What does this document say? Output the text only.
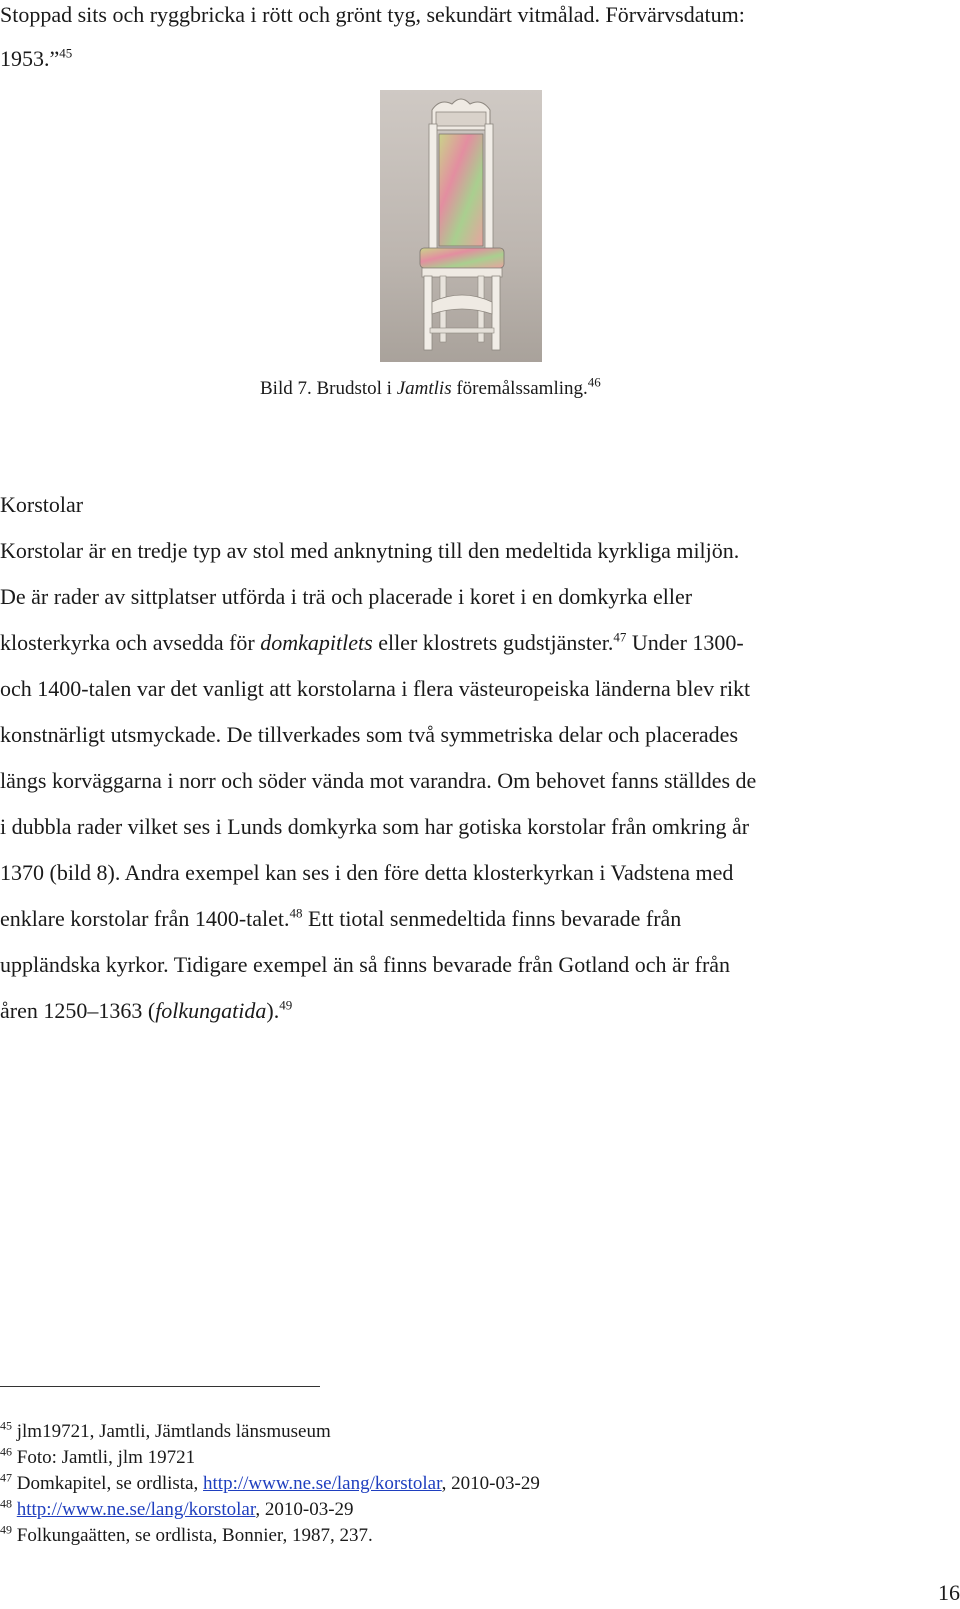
Stoppad sits och ryggbricka i rött och grönt tyg, sekundärt vitmålad. Förvärvsdatum:
1953.”$^{45}$
Bild 7. Brudstol i Jamtlis föremålssamling.$^{46}$
Korstolar
Korstolar är en tredje typ av stol med anknytning till den medeltida kyrkliga miljön.
De är rader av sittplatser utförda i trä och placerade i koret i en domkyrka eller
klosterkyrka och avsedda för domkapitlets eller klostrets gudstjänster.$^{47}$ Under 1300-
och 1400-talen var det vanligt att korstolarna i flera västeuropeiska länderna blev rikt
konstnärligt utsmyckade. De tillverkades som två symmetriska delar och placerades
längs korväggarna i norr och söder vända mot varandra. Om behovet fanns ställdes de
i dubbla rader vilket ses i Lunds domkyrka som har gotiska korstolar från omkring år
1370 (bild 8). Andra exempel kan ses i den före detta klosterkyrkan i Vadstena med
enklare korstolar från 1400-talet.$^{48}$ Ett tiotal senmedeltida finns bevarade från
uppländska kyrkor. Tidigare exempel än så finns bevarade från Gotland och är från
åren 1250–1363 (folkungatida).$^{49}$
$^{45}$ jlm19721, Jamtli, Jämtlands länsmuseum
$^{46}$ Foto: Jamtli, jlm 19721
$^{47}$ Domkapitel, se ordlista, http://www.ne.se/lang/korstolar, 2010-03-29
$^{48}$ http://www.ne.se/lang/korstolar, 2010-03-29
$^{49}$ Folkungaätten, se ordlista, Bonnier, 1987, 237.
16
